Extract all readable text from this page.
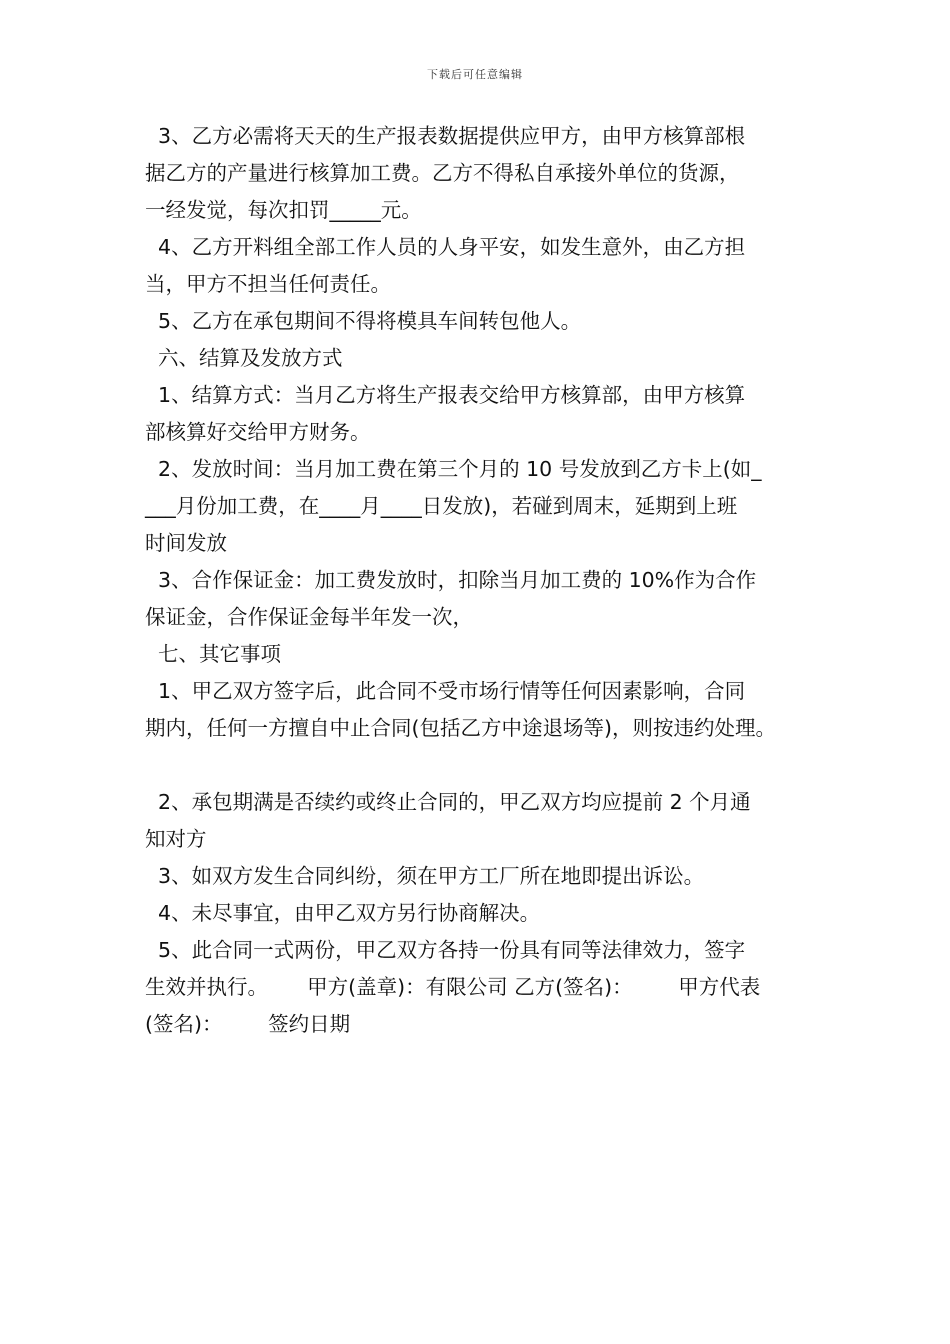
下载后可任意编辑
3、乙方必需将天天的生产报表数据提供应甲方，由甲方核算部根
据乙方的产量进行核算加工费。乙方不得私自承接外单位的货源，
一经发觉，每次扣罚_____元。
4、乙方开料组全部工作人员的人身平安，如发生意外，由乙方担
当，甲方不担当任何责任。
5、乙方在承包期间不得将模具车间转包他人。
六、结算及发放方式
1、结算方式：当月乙方将生产报表交给甲方核算部，由甲方核算
部核算好交给甲方财务。
2、发放时间：当月加工费在第三个月的 10 号发放到乙方卡上(如_
___月份加工费，在____月____日发放)，若碰到周末，延期到上班
时间发放
3、合作保证金：加工费发放时，扣除当月加工费的 10%作为合作
保证金，合作保证金每半年发一次，
七、其它事项
1、甲乙双方签字后，此合同不受市场行情等任何因素影响，合同
期内，任何一方擅自中止合同(包括乙方中途退场等)，则按违约处理。
2、承包期满是否续约或终止合同的，甲乙双方均应提前 2 个月通
知对方
3、如双方发生合同纠纷，须在甲方工厂所在地即提出诉讼。
4、未尽事宜，由甲乙双方另行协商解决。
5、此合同一式两份，甲乙双方各持一份具有同等法律效力，签字
生效并执行。      甲方(盖章)：有限公司 乙方(签名)：       甲方代表
(签名)：       签约日期
